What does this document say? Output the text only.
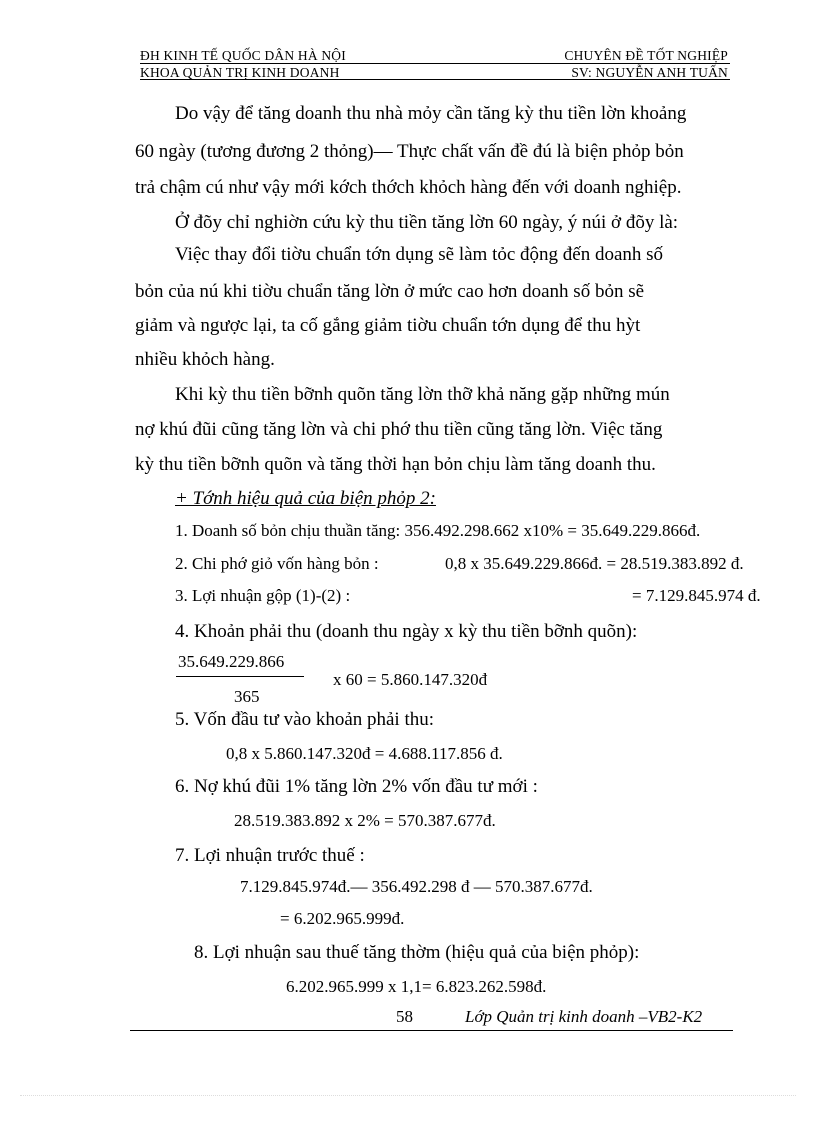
ĐH KINH TẾ QUỐC DÂN HÀ NỘI	CHUYÊN ĐỀ TỐT NGHIỆP
KHOA QUẢN TRỊ KINH DOANH	SV: NGUYỄN ANH TUẤN
Do vậy để tăng doanh thu nhà mỏy cần tăng kỳ thu tiền lờn khoảng
60 ngày (tương đương 2 thỏng)— Thực chất vấn đề đú là biện phỏp bỏn
trả chậm cú như vậy mới kớch thớch khỏch hàng đến với doanh nghiệp.
Ở đõy chỉ nghiờn cứu kỳ thu tiền tăng lờn 60 ngày, ý núi ở đõy là:
Việc thay đổi tiờu chuẩn tớn dụng sẽ làm tỏc động đến doanh số
bỏn của nú khi tiờu chuẩn tăng lờn ở mức cao hơn doanh số bỏn sẽ
giảm và ngược lại, ta cố gắng giảm tiờu chuẩn tớn dụng để thu hỳt
nhiều khỏch hàng.
Khi kỳ thu tiền bỡnh quõn tăng lờn thỡ khả năng gặp những mún
nợ khú đũi cũng tăng lờn và chi phớ thu tiền cũng tăng lờn. Việc tăng
kỳ thu tiền bỡnh quõn và tăng thời hạn bỏn chịu làm tăng doanh thu.
+ Tớnh hiệu quả của biện phỏp 2:
1. Doanh số bỏn chịu thuần tăng: 356.492.298.662 x10% = 35.649.229.866đ.
2. Chi phớ giỏ vốn hàng bỏn :	0,8 x 35.649.229.866đ. = 28.519.383.892 đ.
3. Lợi nhuận gộp (1)-(2) :	= 7.129.845.974 đ.
4. Khoản phải thu (doanh thu ngày x kỳ thu tiền bỡnh quõn):
35.649.229.866
x 60 = 5.860.147.320đ
365
5. Vốn đầu tư vào khoản phải thu:
0,8 x 5.860.147.320đ = 4.688.117.856 đ.
6. Nợ khú đũi 1% tăng lờn 2% vốn đầu tư mới :
28.519.383.892 x 2% = 570.387.677đ.
7. Lợi nhuận trước thuế :
7.129.845.974đ.— 356.492.298 đ — 570.387.677đ.
= 6.202.965.999đ.
8. Lợi nhuận sau thuế tăng thờm (hiệu quả của biện phỏp):
6.202.965.999 x 1,1= 6.823.262.598đ.
58	Lớp Quản trị kinh doanh –VB2-K2
